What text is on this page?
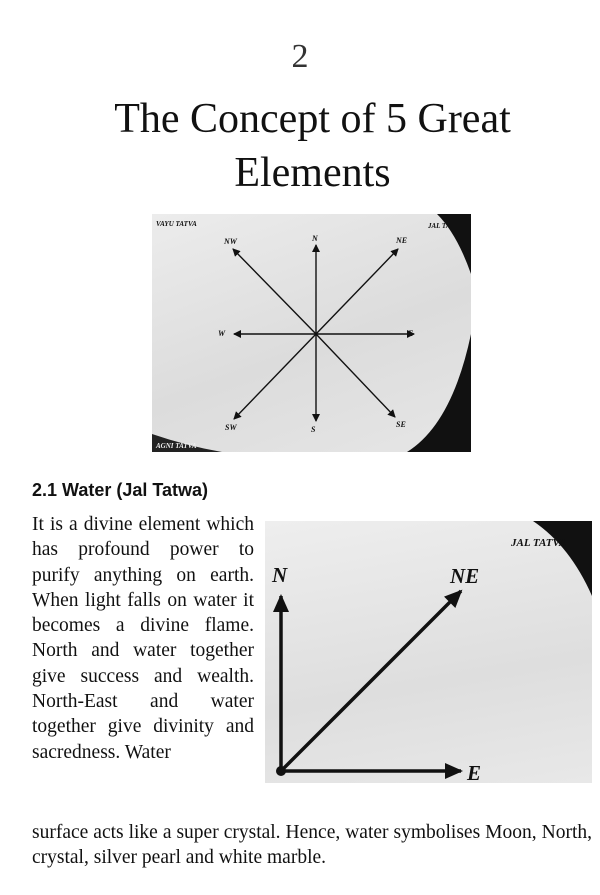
2
The Concept of 5 Great Elements
VAYU TATVA	JAL TA
AGNI TATVA
N	NE
E
SE
S
SW
W
NW
2.1 Water (Jal Tatwa)

It is a divine element which has profound power to purify anything on earth. When light falls on water it becomes a divine flame. North and water together give success and wealth. North-East and water together give divinity and sacredness. Water

JAL TATVA
N	NE
E

surface acts like a super crystal. Hence, water symbolises Moon, North, crystal, silver pearl and white marble.
